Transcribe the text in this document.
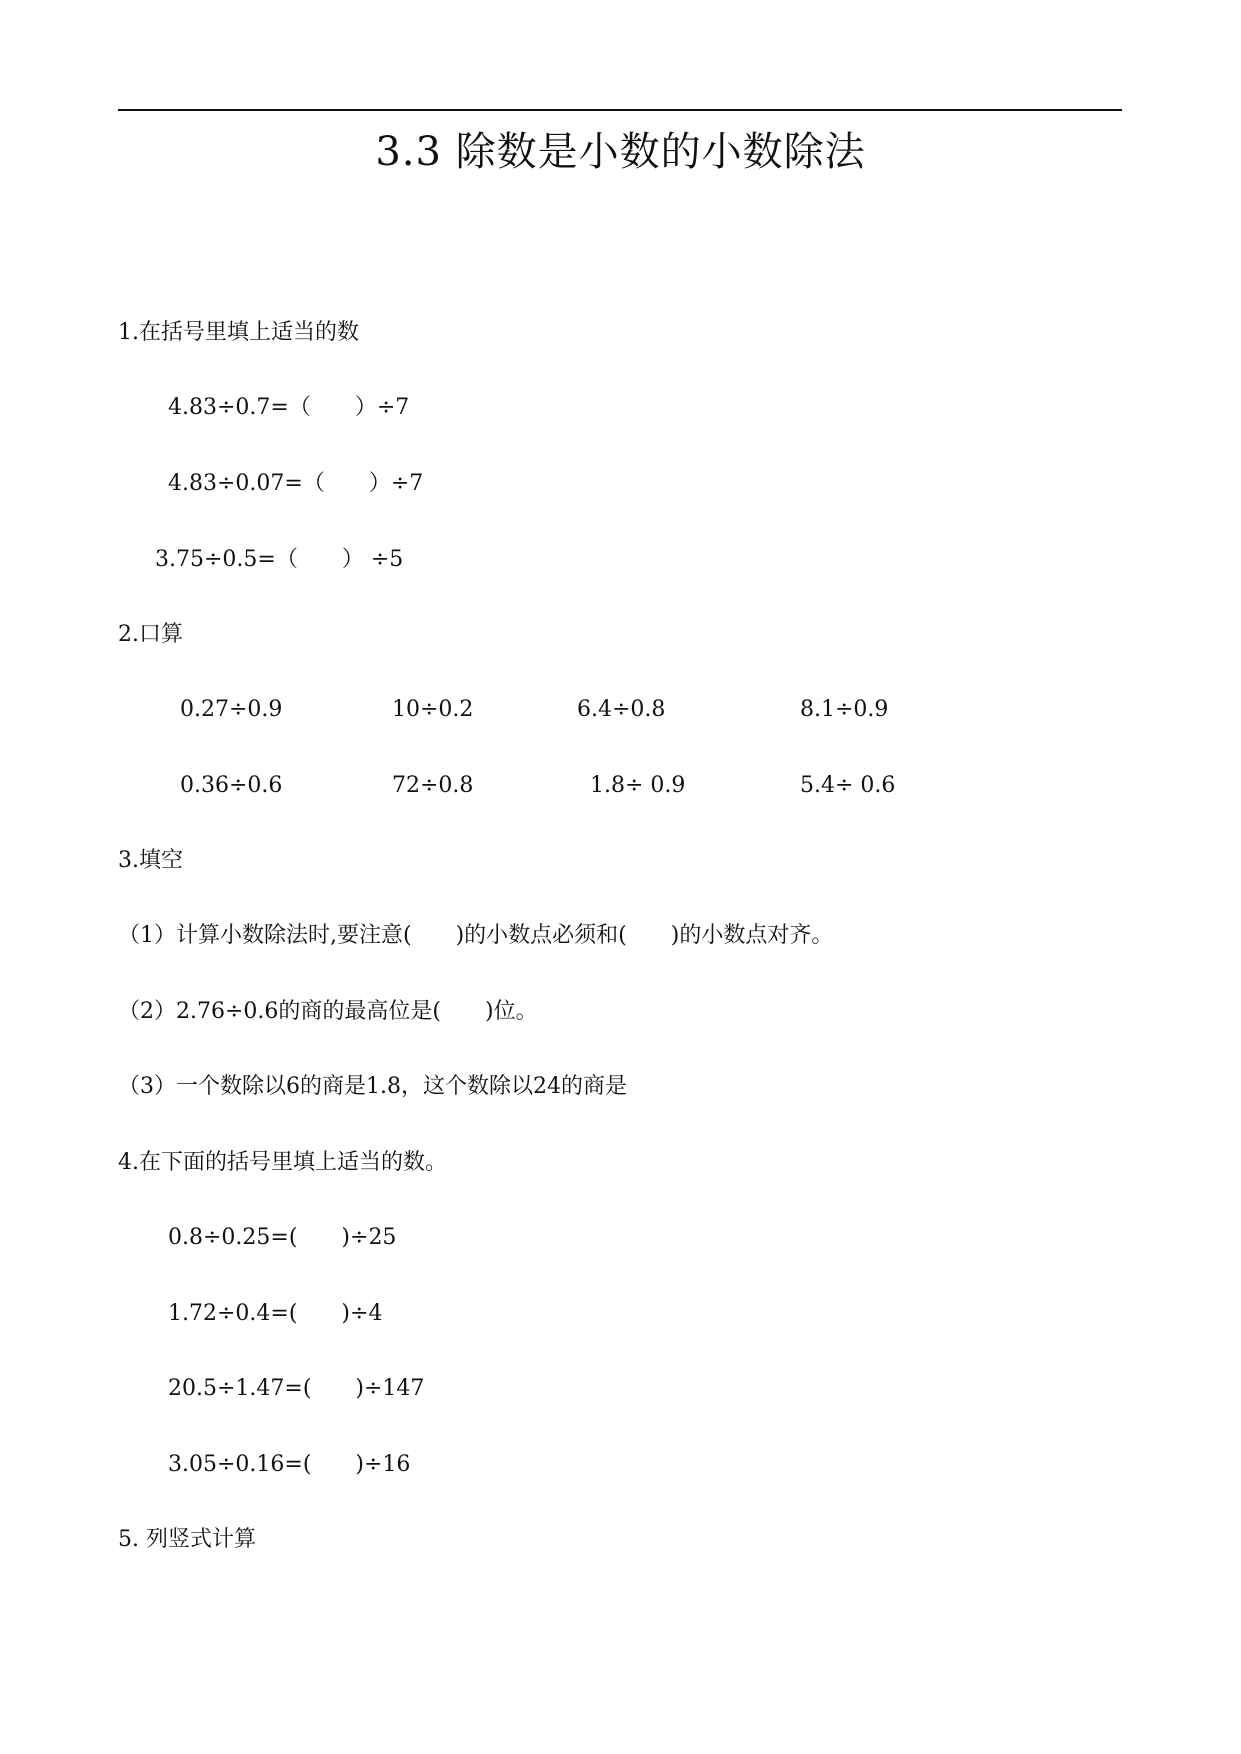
3.3 除数是小数的小数除法
1.在括号里填上适当的数
4.83÷0.7=（　　）÷7
4.83÷0.07=（　　）÷7
3.75÷0.5=（　　） ÷5
2.口算
0.27÷0.9	10÷0.2	6.4÷0.8	8.1÷0.9
0.36÷0.6	72÷0.8	1.8÷ 0.9	5.4÷ 0.6
3.填空
（1）计算小数除法时,要注意(　　)的小数点必须和(　　)的小数点对齐。
（2）2.76÷0.6的商的最高位是(　　)位。
（3）一个数除以6的商是1.8，这个数除以24的商是
4.在下面的括号里填上适当的数。
0.8÷0.25=(　　)÷25
1.72÷0.4=(　　)÷4
20.5÷1.47=(　　)÷147
3.05÷0.16=(　　)÷16
5. 列竖式计算
